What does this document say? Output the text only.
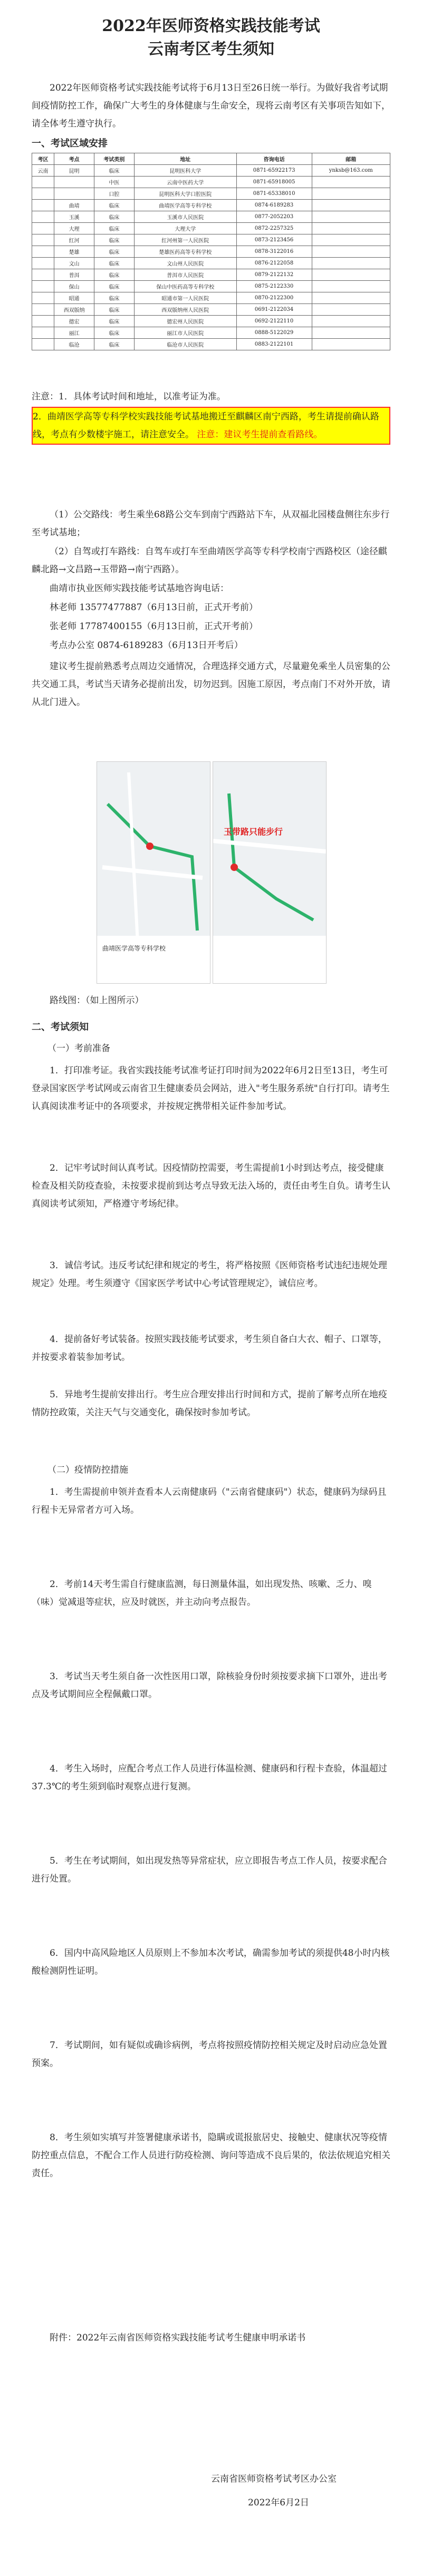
2022年医师资格实践技能考试
云南考区考生须知
2022年医师资格考试实践技能考试将于6月13日至26日统一举行。为做好我省考试期间疫情防控工作，确保广大考生的身体健康与生命安全，现将云南考区有关事项告知如下，请全体考生遵守执行。
一、考试区域安排
考区	考点	考试类别	地址	咨询电话	邮箱
云南	昆明	临床	昆明医科大学	0871-65922173	ynksb@163.com
		中医	云南中医药大学	0871-65918005	
		口腔	昆明医科大学口腔医院	0871-65338010	
	曲靖	临床	曲靖医学高等专科学校	0874-6189283	
	玉溪	临床	玉溪市人民医院	0877-2052203	
	大理	临床	大理大学	0872-2257325	
	红河	临床	红河州第一人民医院	0873-2123456	
	楚雄	临床	楚雄医药高等专科学校	0878-3122016	
	文山	临床	文山州人民医院	0876-2122058	
	普洱	临床	普洱市人民医院	0879-2122132	
	保山	临床	保山中医药高等专科学校	0875-2122330	
	昭通	临床	昭通市第一人民医院	0870-2122300	
	西双版纳	临床	西双版纳州人民医院	0691-2122034	
	德宏	临床	德宏州人民医院	0692-2122110	
	丽江	临床	丽江市人民医院	0888-5122029	
	临沧	临床	临沧市人民医院	0883-2122101	
注意：1．具体考试时间和地址，以准考证为准。
2．曲靖医学高等专科学校实践技能考试基地搬迁至麒麟区南宁西路，考生请提前确认路线，考点有少数楼宇施工，请注意安全。 注意：建议考生提前查看路线。
（1）公交路线：考生乘坐68路公交车到南宁西路站下车，从双福北园楼盘侧往东步行至考试基地；
（2）自驾或打车路线：自驾车或打车至曲靖医学高等专科学校南宁西路校区（途径麒麟北路→文昌路→玉带路→南宁西路）。
曲靖市执业医师实践技能考试基地咨询电话：
林老师 13577477887（6月13日前，正式开考前）
张老师 17787400155（6月13日前，正式开考前）
考点办公室 0874-6189283（6月13日开考后）
建议考生提前熟悉考点周边交通情况，合理选择交通方式，尽量避免乘坐人员密集的公共交通工具，考试当天请务必提前出发，切勿迟到。因施工原因，考点南门不对外开放，请从北门进入。
曲靖医学高等专科学校
玉带路只能步行
路线图：（如上图所示）
二、考试须知
（一）考前准备
1．打印准考证。我省实践技能考试准考证打印时间为2022年6月2日至13日，考生可登录国家医学考试网或云南省卫生健康委员会网站，进入"考生服务系统"自行打印。请考生认真阅读准考证中的各项要求，并按规定携带相关证件参加考试。
2．记牢考试时间认真考试。因疫情防控需要，考生需提前1小时到达考点，接受健康检查及相关防疫查验，未按要求提前到达考点导致无法入场的，责任由考生自负。请考生认真阅读考试须知，严格遵守考场纪律。
3．诚信考试。违反考试纪律和规定的考生，将严格按照《医师资格考试违纪违规处理规定》处理。考生须遵守《国家医学考试中心考试管理规定》，诚信应考。
4．提前备好考试装备。按照实践技能考试要求，考生须自备白大衣、帽子、口罩等，并按要求着装参加考试。
5．异地考生提前安排出行。考生应合理安排出行时间和方式，提前了解考点所在地疫情防控政策，关注天气与交通变化，确保按时参加考试。
（二）疫情防控措施
1．考生需提前申领并查看本人云南健康码（"云南省健康码"）状态，健康码为绿码且行程卡无异常者方可入场。
2．考前14天考生需自行健康监测，每日测量体温，如出现发热、咳嗽、乏力、嗅（味）觉减退等症状，应及时就医，并主动向考点报告。
3．考试当天考生须自备一次性医用口罩，除核验身份时须按要求摘下口罩外，进出考点及考试期间应全程佩戴口罩。
4．考生入场时，应配合考点工作人员进行体温检测、健康码和行程卡查验，体温超过37.3℃的考生须到临时观察点进行复测。
5．考生在考试期间，如出现发热等异常症状，应立即报告考点工作人员，按要求配合进行处置。
6．国内中高风险地区人员原则上不参加本次考试，确需参加考试的须提供48小时内核酸检测阴性证明。
7．考试期间，如有疑似或确诊病例，考点将按照疫情防控相关规定及时启动应急处置预案。
8．考生须如实填写并签署健康承诺书，隐瞒或谎报旅居史、接触史、健康状况等疫情防控重点信息，不配合工作人员进行防疫检测、询问等造成不良后果的，依法依规追究相关责任。
附件：2022年云南省医师资格实践技能考试考生健康申明承诺书
云南省医师资格考试考区办公室
2022年6月2日
